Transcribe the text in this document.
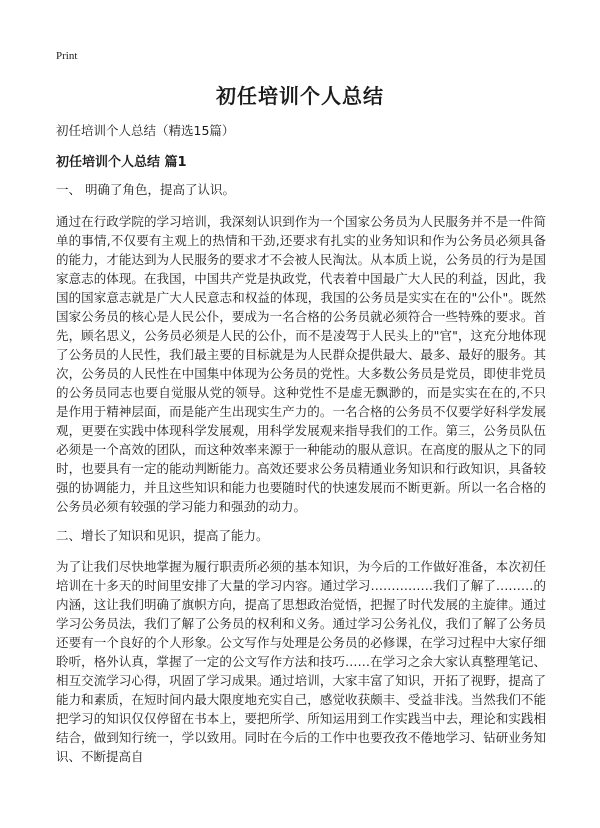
Print
初任培训个人总结
初任培训个人总结（精选15篇）
初任培训个人总结 篇1
一、 明确了角色，提高了认识。

通过在行政学院的学习培训，我深刻认识到作为一个国家公务员为人民服务并不是一件简单的事情,不仅要有主观上的热情和干劲,还要求有扎实的业务知识和作为公务员必须具备的能力，才能达到为人民服务的要求才不会被人民淘汰。从本质上说，公务员的行为是国家意志的体现。在我国，中国共产党是执政党，代表着中国最广大人民的利益，因此，我国的国家意志就是广大人民意志和权益的体现，我国的公务员是实实在在的"公仆"。既然国家公务员的核心是人民公仆，要成为一名合格的公务员就必须符合一些特殊的要求。首先，顾名思义，公务员必须是人民的公仆，而不是凌驾于人民头上的"官"，这充分地体现了公务员的人民性，我们最主要的目标就是为人民群众提供最大、最多、最好的服务。其次，公务员的人民性在中国集中体现为公务员的党性。大多数公务员是党员，即使非党员的公务员同志也要自觉服从党的领导。这种党性不是虚无飘渺的，而是实实在在的,不只是作用于精神层面，而是能产生出现实生产力的。一名合格的公务员不仅要学好科学发展观，更要在实践中体现科学发展观，用科学发展观来指导我们的工作。第三，公务员队伍必须是一个高效的团队，而这种效率来源于一种能动的服从意识。在高度的服从之下的同时，也要具有一定的能动判断能力。高效还要求公务员精通业务知识和行政知识，具备较强的协调能力，并且这些知识和能力也要随时代的快速发展而不断更新。所以一名合格的公务员必须有较强的学习能力和强劲的动力。

二、增长了知识和见识，提高了能力。

为了让我们尽快地掌握为履行职责所必须的基本知识，为今后的工作做好准备，本次初任培训在十多天的时间里安排了大量的学习内容。通过学习……………我们了解了………的内涵，这让我们明确了旗帜方向，提高了思想政治觉悟，把握了时代发展的主旋律。通过学习公务员法，我们了解了公务员的权利和义务。通过学习公务礼仪，我们了解了公务员还要有一个良好的个人形象。公文写作与处理是公务员的必修课，在学习过程中大家仔细聆听，格外认真，掌握了一定的公文写作方法和技巧……在学习之余大家认真整理笔记、相互交流学习心得，巩固了学习成果。通过培训，大家丰富了知识，开拓了视野，提高了能力和素质，在短时间内最大限度地充实自己，感觉收获颇丰、受益非浅。当然我们不能把学习的知识仅仅停留在书本上，要把所学、所知运用到工作实践当中去，理论和实践相结合，做到知行统一，学以致用。同时在今后的工作中也要孜孜不倦地学习、钻研业务知识、不断提高自
